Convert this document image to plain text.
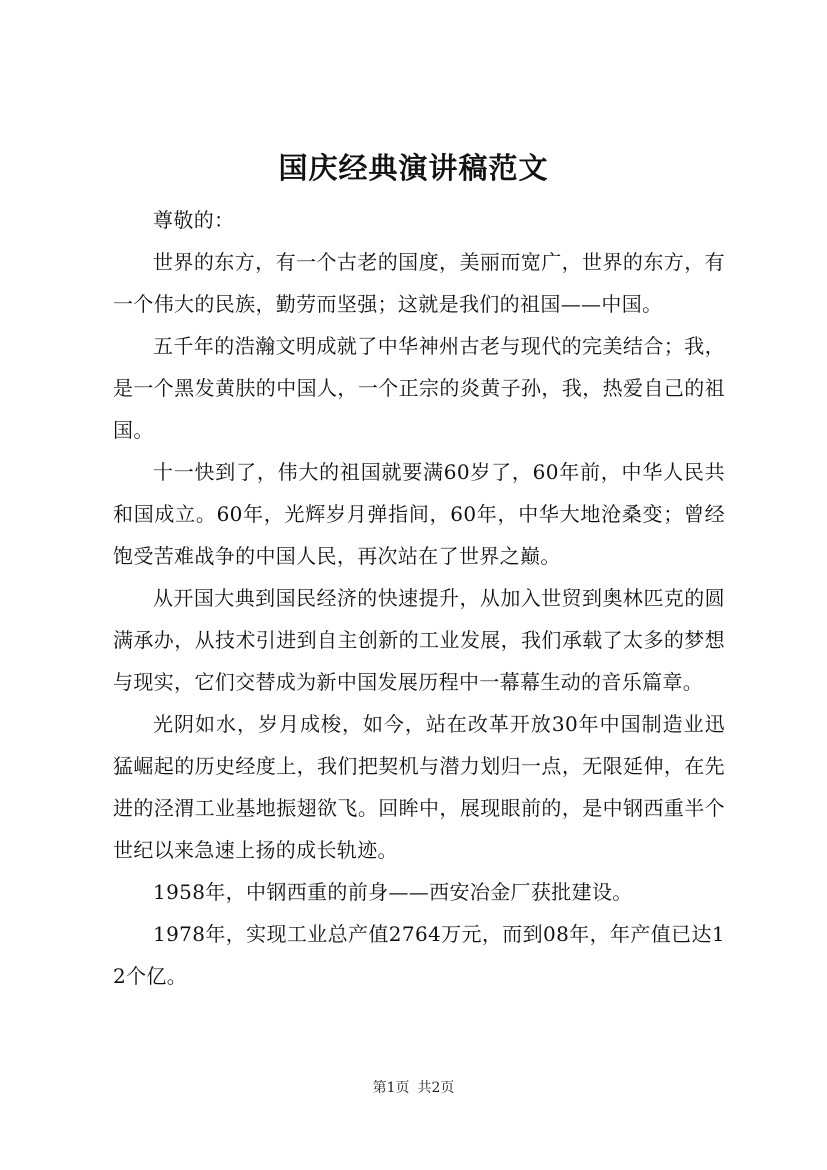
国庆经典演讲稿范文

尊敬的：

世界的东方，有一个古老的国度，美丽而宽广，世界的东方，有一个伟大的民族，勤劳而坚强；这就是我们的祖国——中国。

五千年的浩瀚文明成就了中华神州古老与现代的完美结合；我，是一个黑发黄肤的中国人，一个正宗的炎黄子孙，我，热爱自己的祖国。

十一快到了，伟大的祖国就要满60岁了，60年前，中华人民共和国成立。60年，光辉岁月弹指间，60年，中华大地沧桑变；曾经饱受苦难战争的中国人民，再次站在了世界之巅。

从开国大典到国民经济的快速提升，从加入世贸到奥林匹克的圆满承办，从技术引进到自主创新的工业发展，我们承载了太多的梦想与现实，它们交替成为新中国发展历程中一幕幕生动的音乐篇章。

光阴如水，岁月成梭，如今，站在改革开放30年中国制造业迅猛崛起的历史经度上，我们把契机与潜力划归一点，无限延伸，在先进的泾渭工业基地振翅欲飞。回眸中，展现眼前的，是中钢西重半个世纪以来急速上扬的成长轨迹。

1958年，中钢西重的前身——西安冶金厂获批建设。

1978年，实现工业总产值2764万元，而到08年，年产值已达12个亿。

第1页 共2页
